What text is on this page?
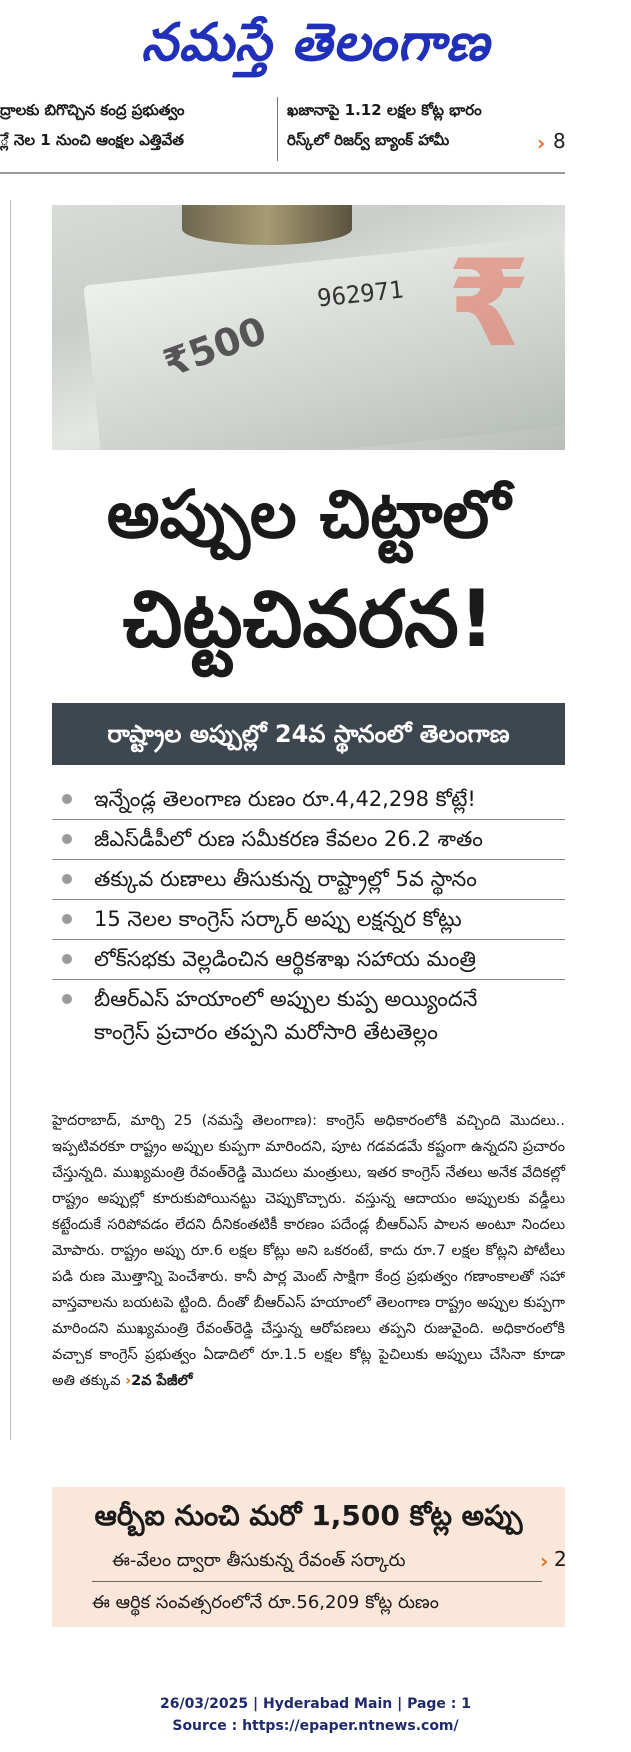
నమస్తే తెలంగాణ
ద్రాలకు బిగొచ్చిన కంద్ర ప్రభుత్వం
్లే నెల 1 నుంచి ఆంక్షల ఎత్తివేత
ఖజానాపై 1.12 లక్షల కోట్ల భారం
రిస్క్‌లో రిజర్వ్ బ్యాంక్ హామీ	› 8
962971
₹500 ₹
అప్పుల చిట్టాలో
చిట్టచివరన!
రాష్ట్రాల అప్పుల్లో 24వ స్థానంలో తెలంగాణ
ఇన్నేండ్ల తెలంగాణ రుణం రూ.4,42,298 కోట్లే!
జీఎస్‌డీపీలో రుణ సమీకరణ కేవలం 26.2 శాతం
తక్కువ రుణాలు తీసుకున్న రాష్ట్రాల్లో 5వ స్థానం
15 నెలల కాంగ్రెస్ సర్కార్ అప్పు లక్షన్నర కోట్లు
లోక్‌సభకు వెల్లడించిన ఆర్థికశాఖ సహాయ మంత్రి
బీఆర్‌ఎస్ హయాంలో అప్పుల కుప్ప అయ్యిందనే
కాంగ్రెస్ ప్రచారం తప్పని మరోసారి తేటతెల్లం
హైదరాబాద్, మార్చి 25 (నమస్తే తెలంగాణ): కాంగ్రెస్ అధికారంలోకి వచ్చింది మొదలు.. ఇప్పటివరకూ రాష్ట్రం అప్పుల కుప్పగా మారిందని, పూట గడవడమే కష్టంగా ఉన్నదని ప్రచారం చేస్తున్నది. ముఖ్యమంత్రి రేవంత్‌రెడ్డి మొదలు మంత్రులు, ఇతర కాంగ్రెస్ నేతలు అనేక వేదికల్లో రాష్ట్రం అప్పుల్లో కూరుకుపోయినట్టు చెప్పుకొచ్చారు. వస్తున్న ఆదాయం అప్పులకు వడ్డీలు కట్టేందుకే సరిపోవడం లేదని దీనికంతటికీ కారణం పదేండ్ల బీఆర్‌ఎస్ పాలన అంటూ నిందలు మోపారు. రాష్ట్రం అప్పు రూ.6 లక్షల కోట్లు అని ఒకరంటే, కాదు రూ.7 లక్షల కోట్లని పోటీలు పడి రుణ మొత్తాన్ని పెంచేశారు. కానీ పార్ల మెంట్ సాక్షిగా కేంద్ర ప్రభుత్వం గణాంకాలతో సహా వాస్తవాలను బయటపె ట్టింది. దీంతో బీఆర్‌ఎస్ హయాంలో తెలంగాణ రాష్ట్రం అప్పుల కుప్పగా మారిందని ముఖ్యమంత్రి రేవంత్‌రెడ్డి చేస్తున్న ఆరోపణలు తప్పని రుజువైంది. అధికారంలోకి వచ్చాక కాంగ్రెస్ ప్రభుత్వం ఏడాదిలో రూ.1.5 లక్షల కోట్ల పైచిలుకు అప్పులు చేసినా కూడా అతి తక్కువ ›2వ పేజీలో
ఆర్బీఐ నుంచి మరో 1,500 కోట్ల అప్పు
ఈ-వేలం ద్వారా తీసుకున్న రేవంత్ సర్కారు
ఈ ఆర్థిక సంవత్సరంలోనే రూ.56,209 కోట్ల రుణం
› 2
26/03/2025 | Hyderabad Main | Page : 1
Source : https://epaper.ntnews.com/
